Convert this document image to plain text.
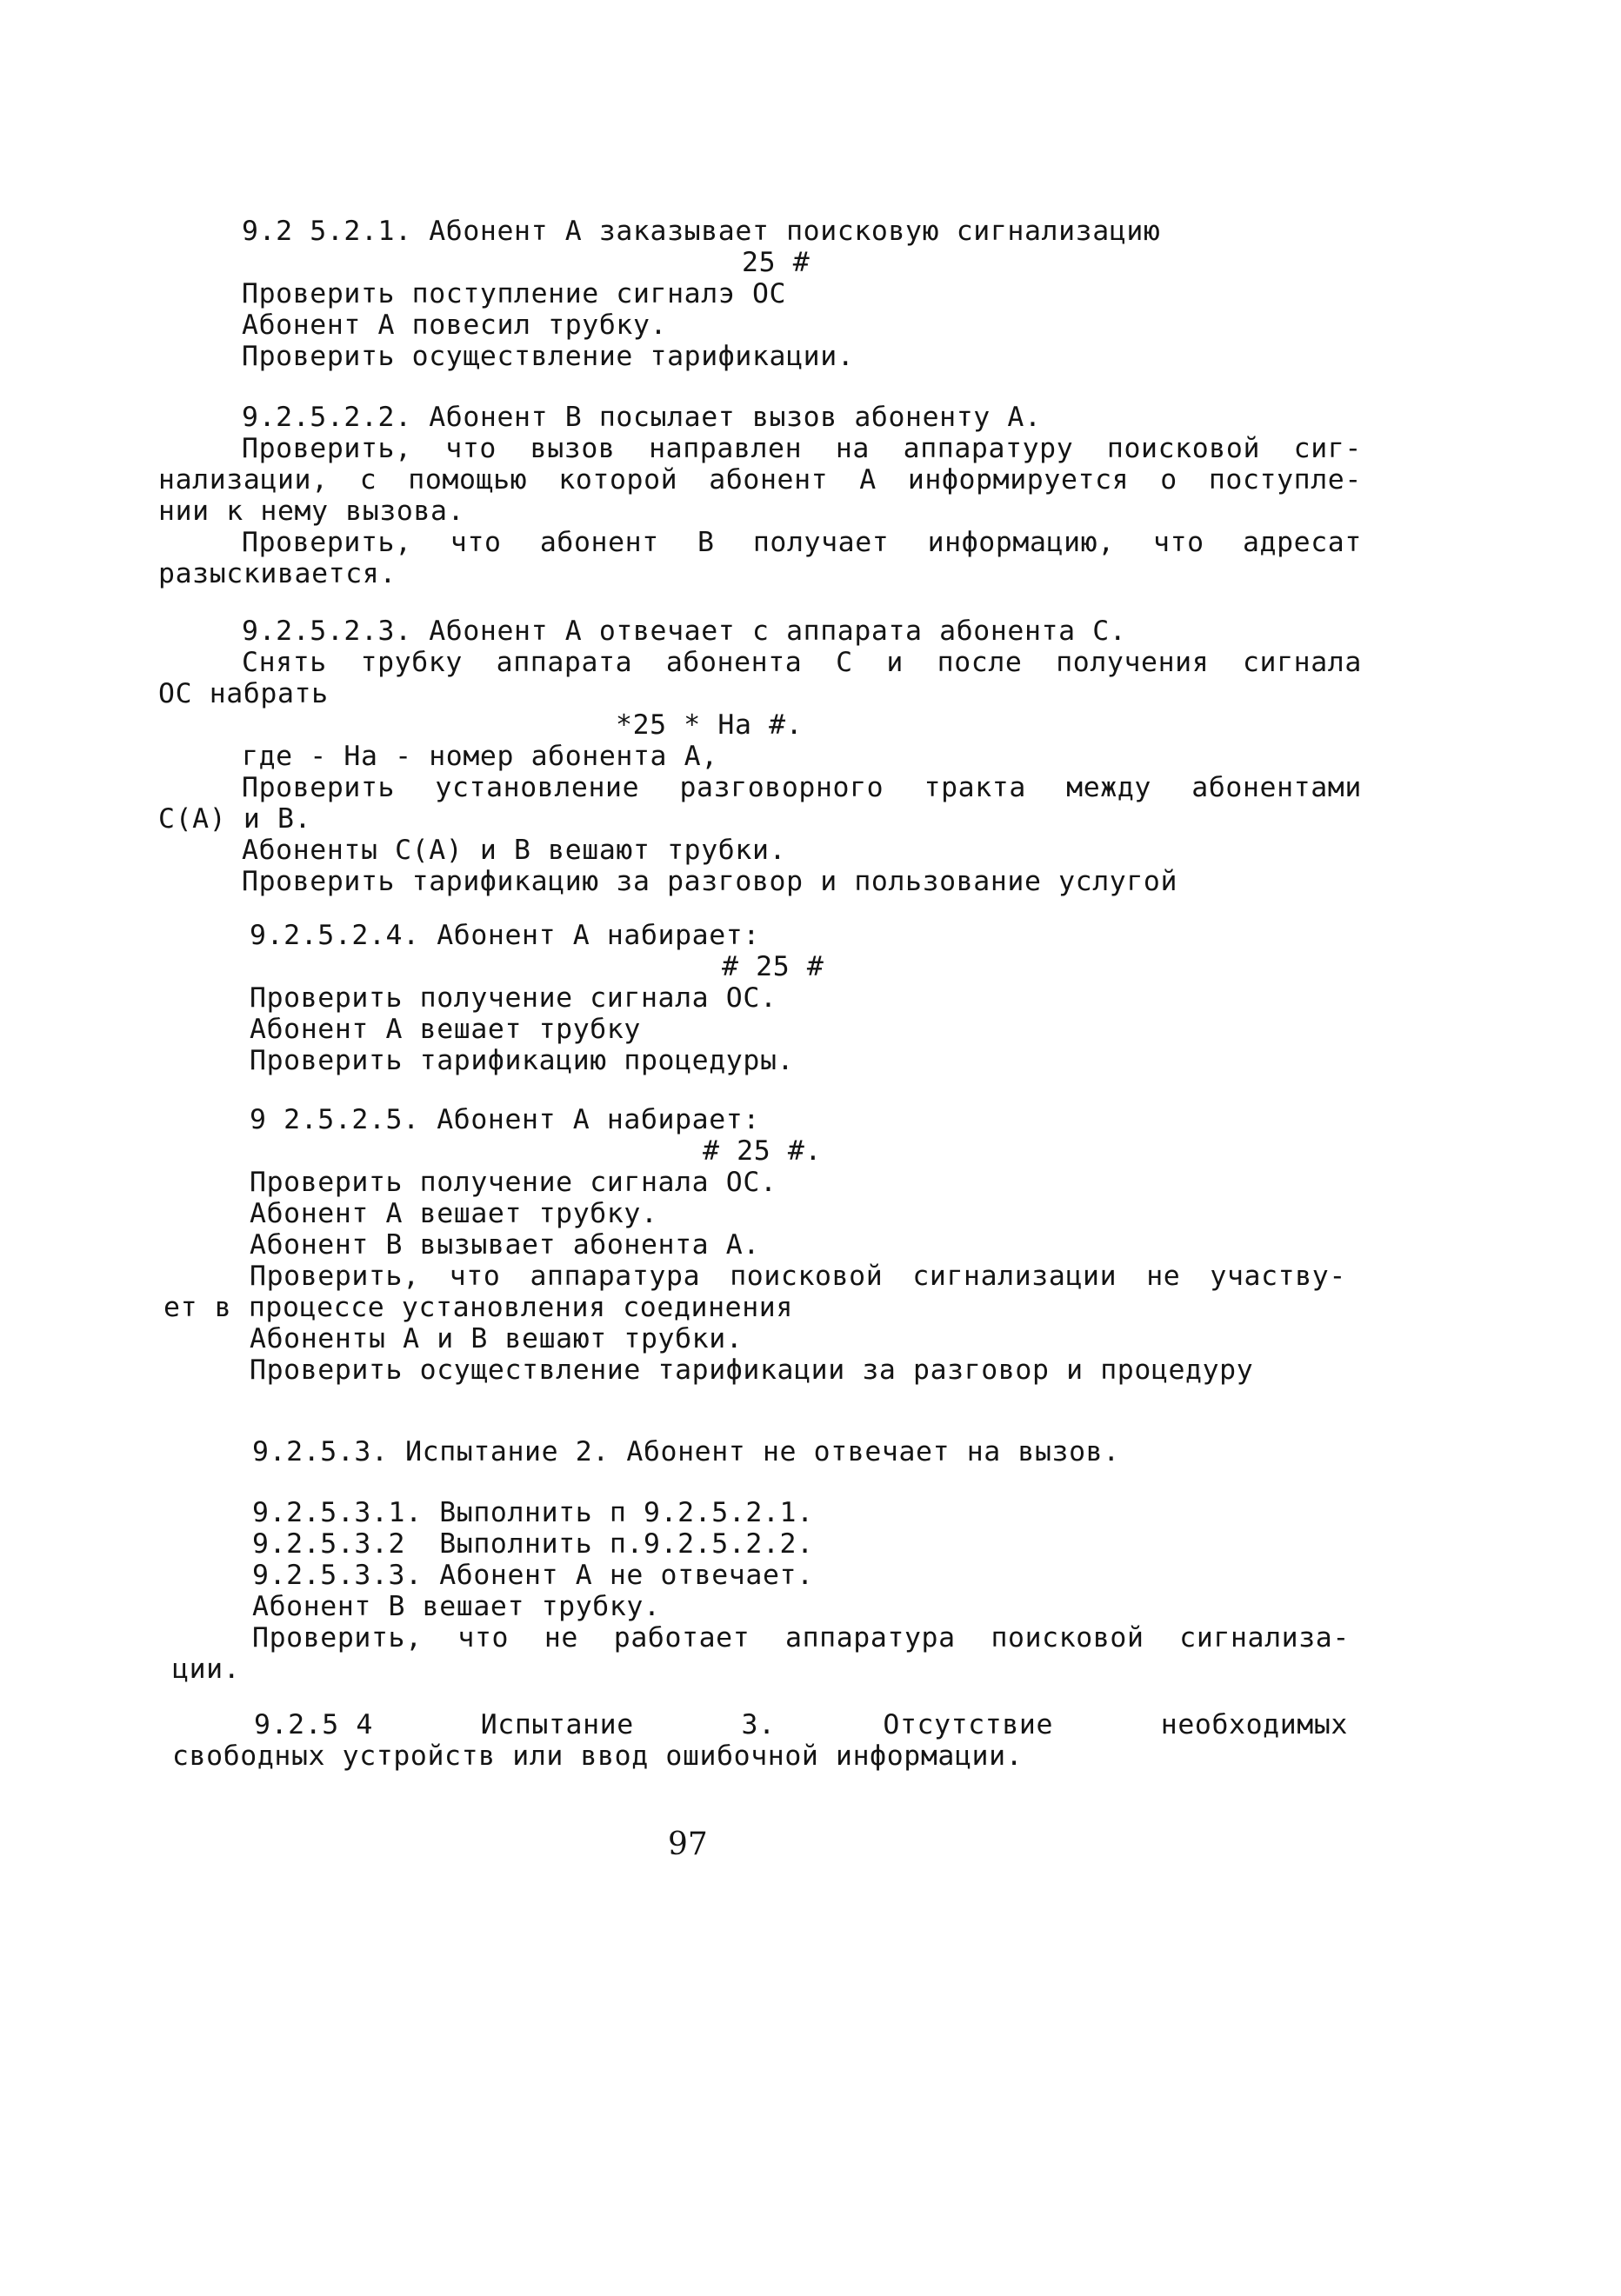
9.2 5.2.1. Абонент А заказывает поисковую сигнализацию
25 #
Проверить поступление сигналэ ОС
Абонент А повесил трубку.
Проверить осуществление тарификации.
9.2.5.2.2. Абонент В посылает вызов абоненту А.
Проверить, что вызов направлен на аппаратуру поисковой сиг-
нализации, с помощью которой абонент А информируется о поступле-
нии к нему вызова.
Проверить, что абонент В получает информацию, что адресат
разыскивается.
9.2.5.2.3. Абонент А отвечает с аппарата абонента С.
Снять трубку аппарата абонента С и после получения сигнала
ОС набрать
*25 * На #.
где - На - номер абонента А,
Проверить установление разговорного тракта между абонентами
С(А) и В.
Абоненты С(А) и В вешают трубки.
Проверить тарификацию за разговор и пользование услугой
9.2.5.2.4. Абонент А набирает:
# 25 #
Проверить получение сигнала ОС.
Абонент А вешает трубку
Проверить тарификацию процедуры.
9 2.5.2.5. Абонент А набирает:
# 25 #.
Проверить получение сигнала ОС.
Абонент А вешает трубку.
Абонент В вызывает абонента А.
Проверить, что аппаратура поисковой сигнализации не участву-
ет в процессе установления соединения
Абоненты А и В вешают трубки.
Проверить осуществление тарификации за разговор и процедуру
9.2.5.3. Испытание 2. Абонент не отвечает на вызов.
9.2.5.3.1. Выполнить п 9.2.5.2.1.
9.2.5.3.2  Выполнить п.9.2.5.2.2.
9.2.5.3.3. Абонент А не отвечает.
Абонент В вешает трубку.
Проверить, что не работает аппаратура поисковой сигнализа-
ции.
9.2.5 4	Испытание	3.	Отсутствие	необходимых
свободных устройств или ввод ошибочной информации.
97
